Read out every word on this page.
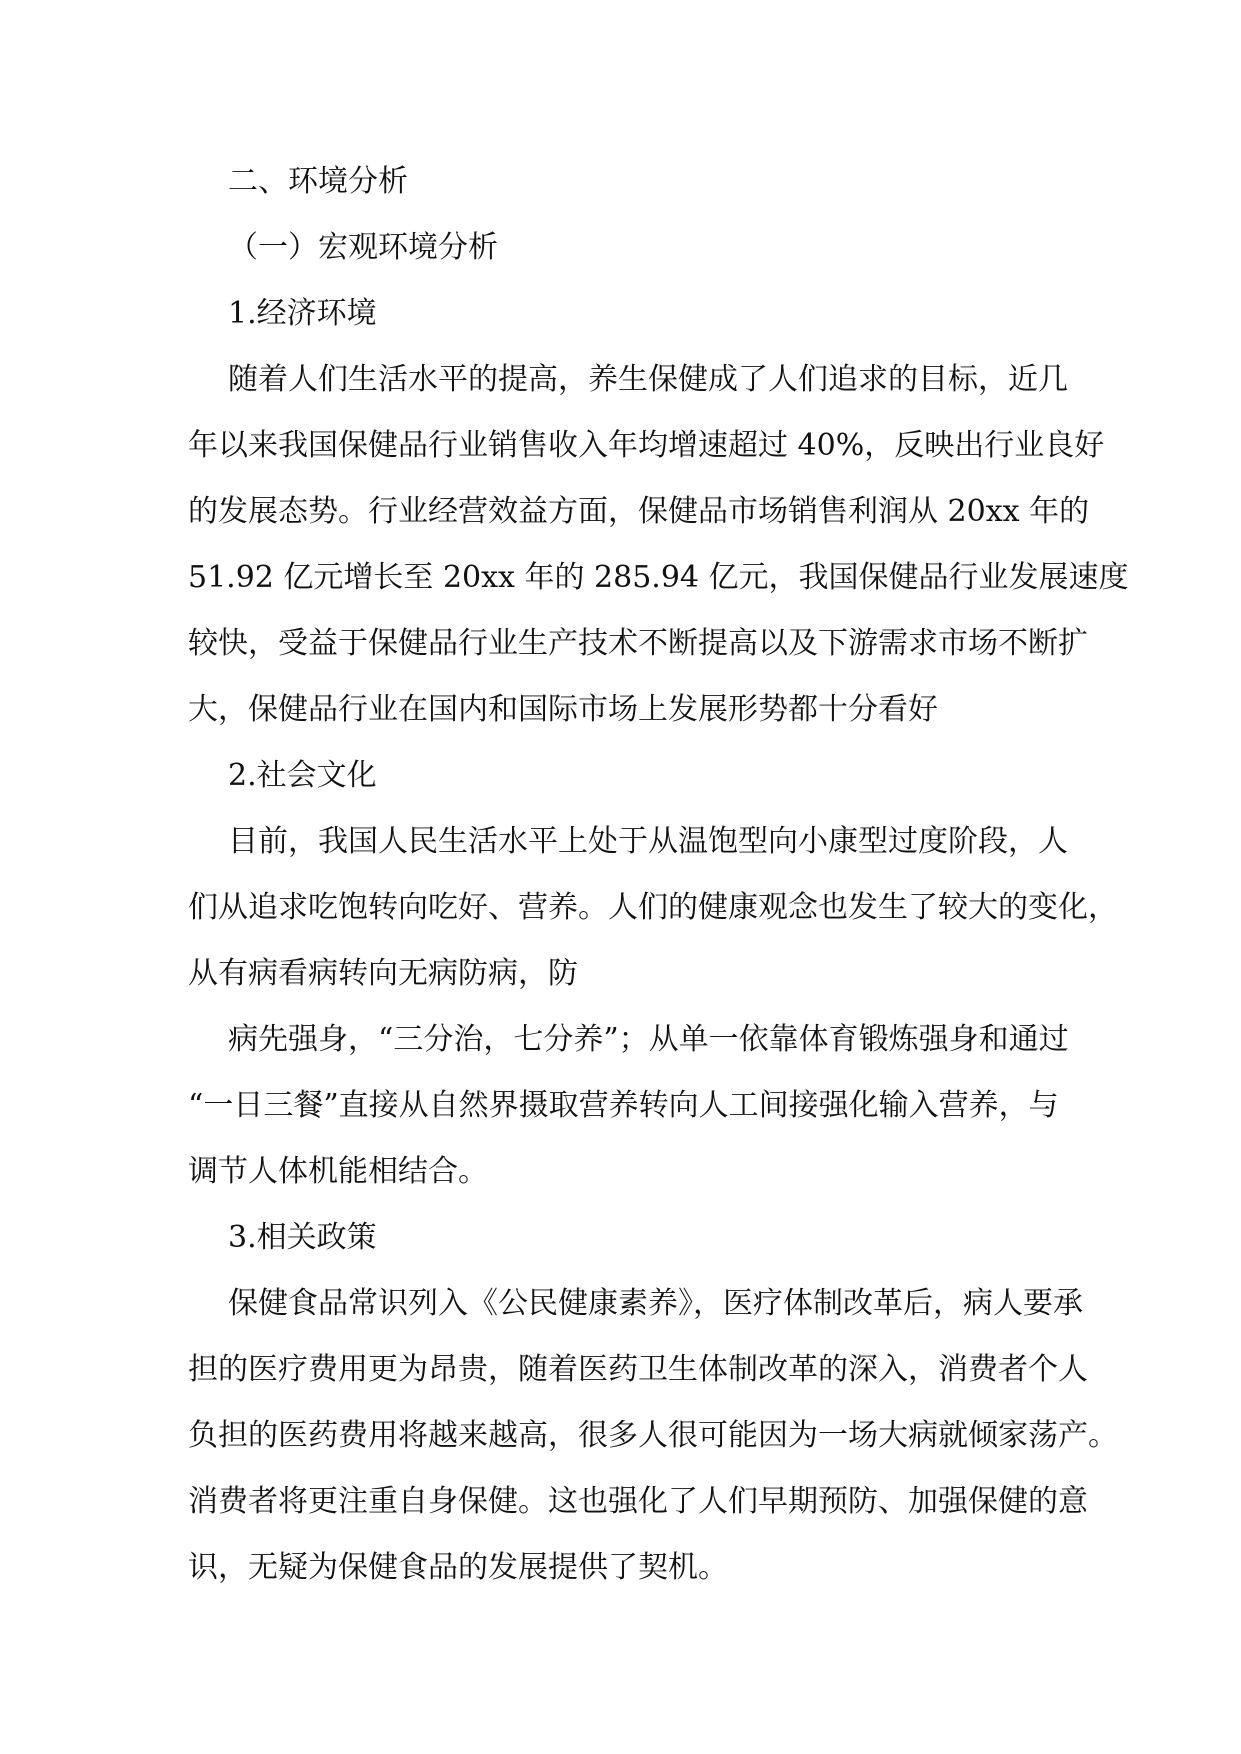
二、环境分析
（一）宏观环境分析
1.经济环境
随着人们生活水平的提高，养生保健成了人们追求的目标，近几
年以来我国保健品行业销售收入年均增速超过 40%，反映出行业良好
的发展态势。行业经营效益方面，保健品市场销售利润从 20xx 年的
51.92 亿元增长至 20xx 年的 285.94 亿元，我国保健品行业发展速度
较快，受益于保健品行业生产技术不断提高以及下游需求市场不断扩
大，保健品行业在国内和国际市场上发展形势都十分看好
2.社会文化
目前，我国人民生活水平上处于从温饱型向小康型过度阶段，人
们从追求吃饱转向吃好、营养。人们的健康观念也发生了较大的变化，
从有病看病转向无病防病，防
病先强身，“三分治，七分养”；从单一依靠体育锻炼强身和通过
“一日三餐”直接从自然界摄取营养转向人工间接强化输入营养，与
调节人体机能相结合。
3.相关政策
保健食品常识列入《公民健康素养》，医疗体制改革后，病人要承
担的医疗费用更为昂贵，随着医药卫生体制改革的深入，消费者个人
负担的医药费用将越来越高，很多人很可能因为一场大病就倾家荡产。
消费者将更注重自身保健。这也强化了人们早期预防、加强保健的意
识，无疑为保健食品的发展提供了契机。
